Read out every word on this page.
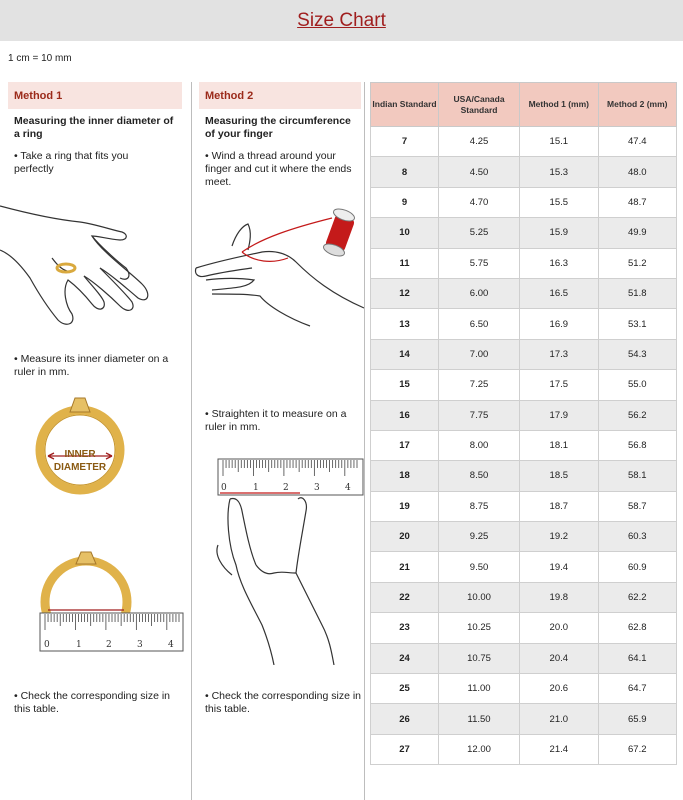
Size Chart
1 cm = 10 mm
Method 1
Measuring the inner diameter of a ring
• Take a ring that fits you perfectly
• Measure its inner diameter on a ruler in mm.
INNER
DIAMETER
0	1	2	3	4
• Check the corresponding size in this table.
Method 2
Measuring the circumference of your finger
• Wind a thread around your finger and cut it where the ends meet.
• Straighten it to measure on a ruler in mm.
0	1	2	3	4
• Check the corresponding size in this table.
Indian Standard	USA/Canada Standard	Method 1 (mm)	Method 2 (mm)
7	4.25	15.1	47.4
8	4.50	15.3	48.0
9	4.70	15.5	48.7
10	5.25	15.9	49.9
11	5.75	16.3	51.2
12	6.00	16.5	51.8
13	6.50	16.9	53.1
14	7.00	17.3	54.3
15	7.25	17.5	55.0
16	7.75	17.9	56.2
17	8.00	18.1	56.8
18	8.50	18.5	58.1
19	8.75	18.7	58.7
20	9.25	19.2	60.3
21	9.50	19.4	60.9
22	10.00	19.8	62.2
23	10.25	20.0	62.8
24	10.75	20.4	64.1
25	11.00	20.6	64.7
26	11.50	21.0	65.9
27	12.00	21.4	67.2
